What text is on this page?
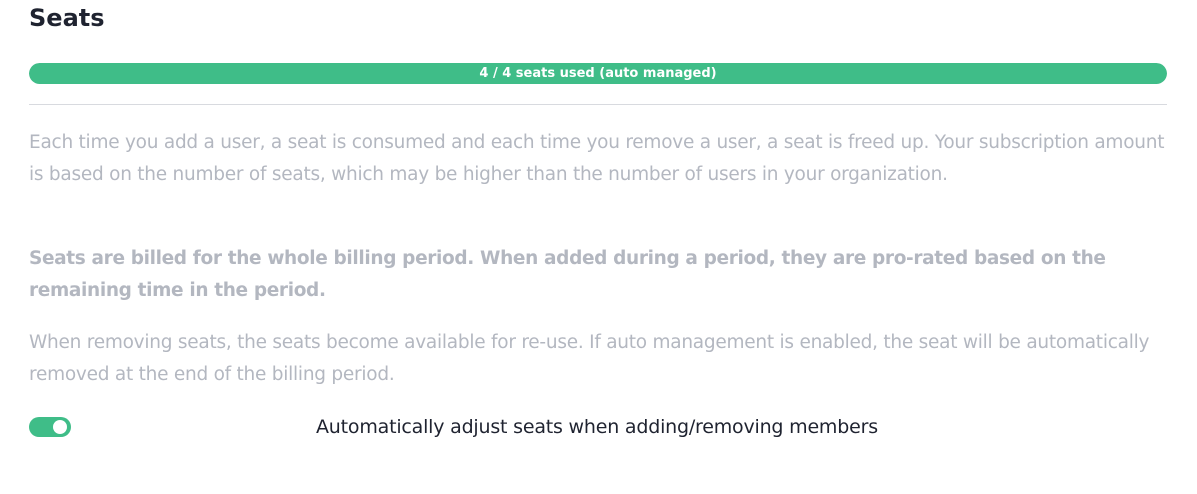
Seats
4 / 4 seats used (auto managed)

Each time you add a user, a seat is consumed and each time you remove a user, a seat is freed up. Your subscription amount is based on the number of seats, which may be higher than the number of users in your organization.

Seats are billed for the whole billing period. When added during a period, they are pro-rated based on the remaining time in the period.

When removing seats, the seats become available for re-use. If auto management is enabled, the seat will be automatically removed at the end of the billing period.

Automatically adjust seats when adding/removing members
